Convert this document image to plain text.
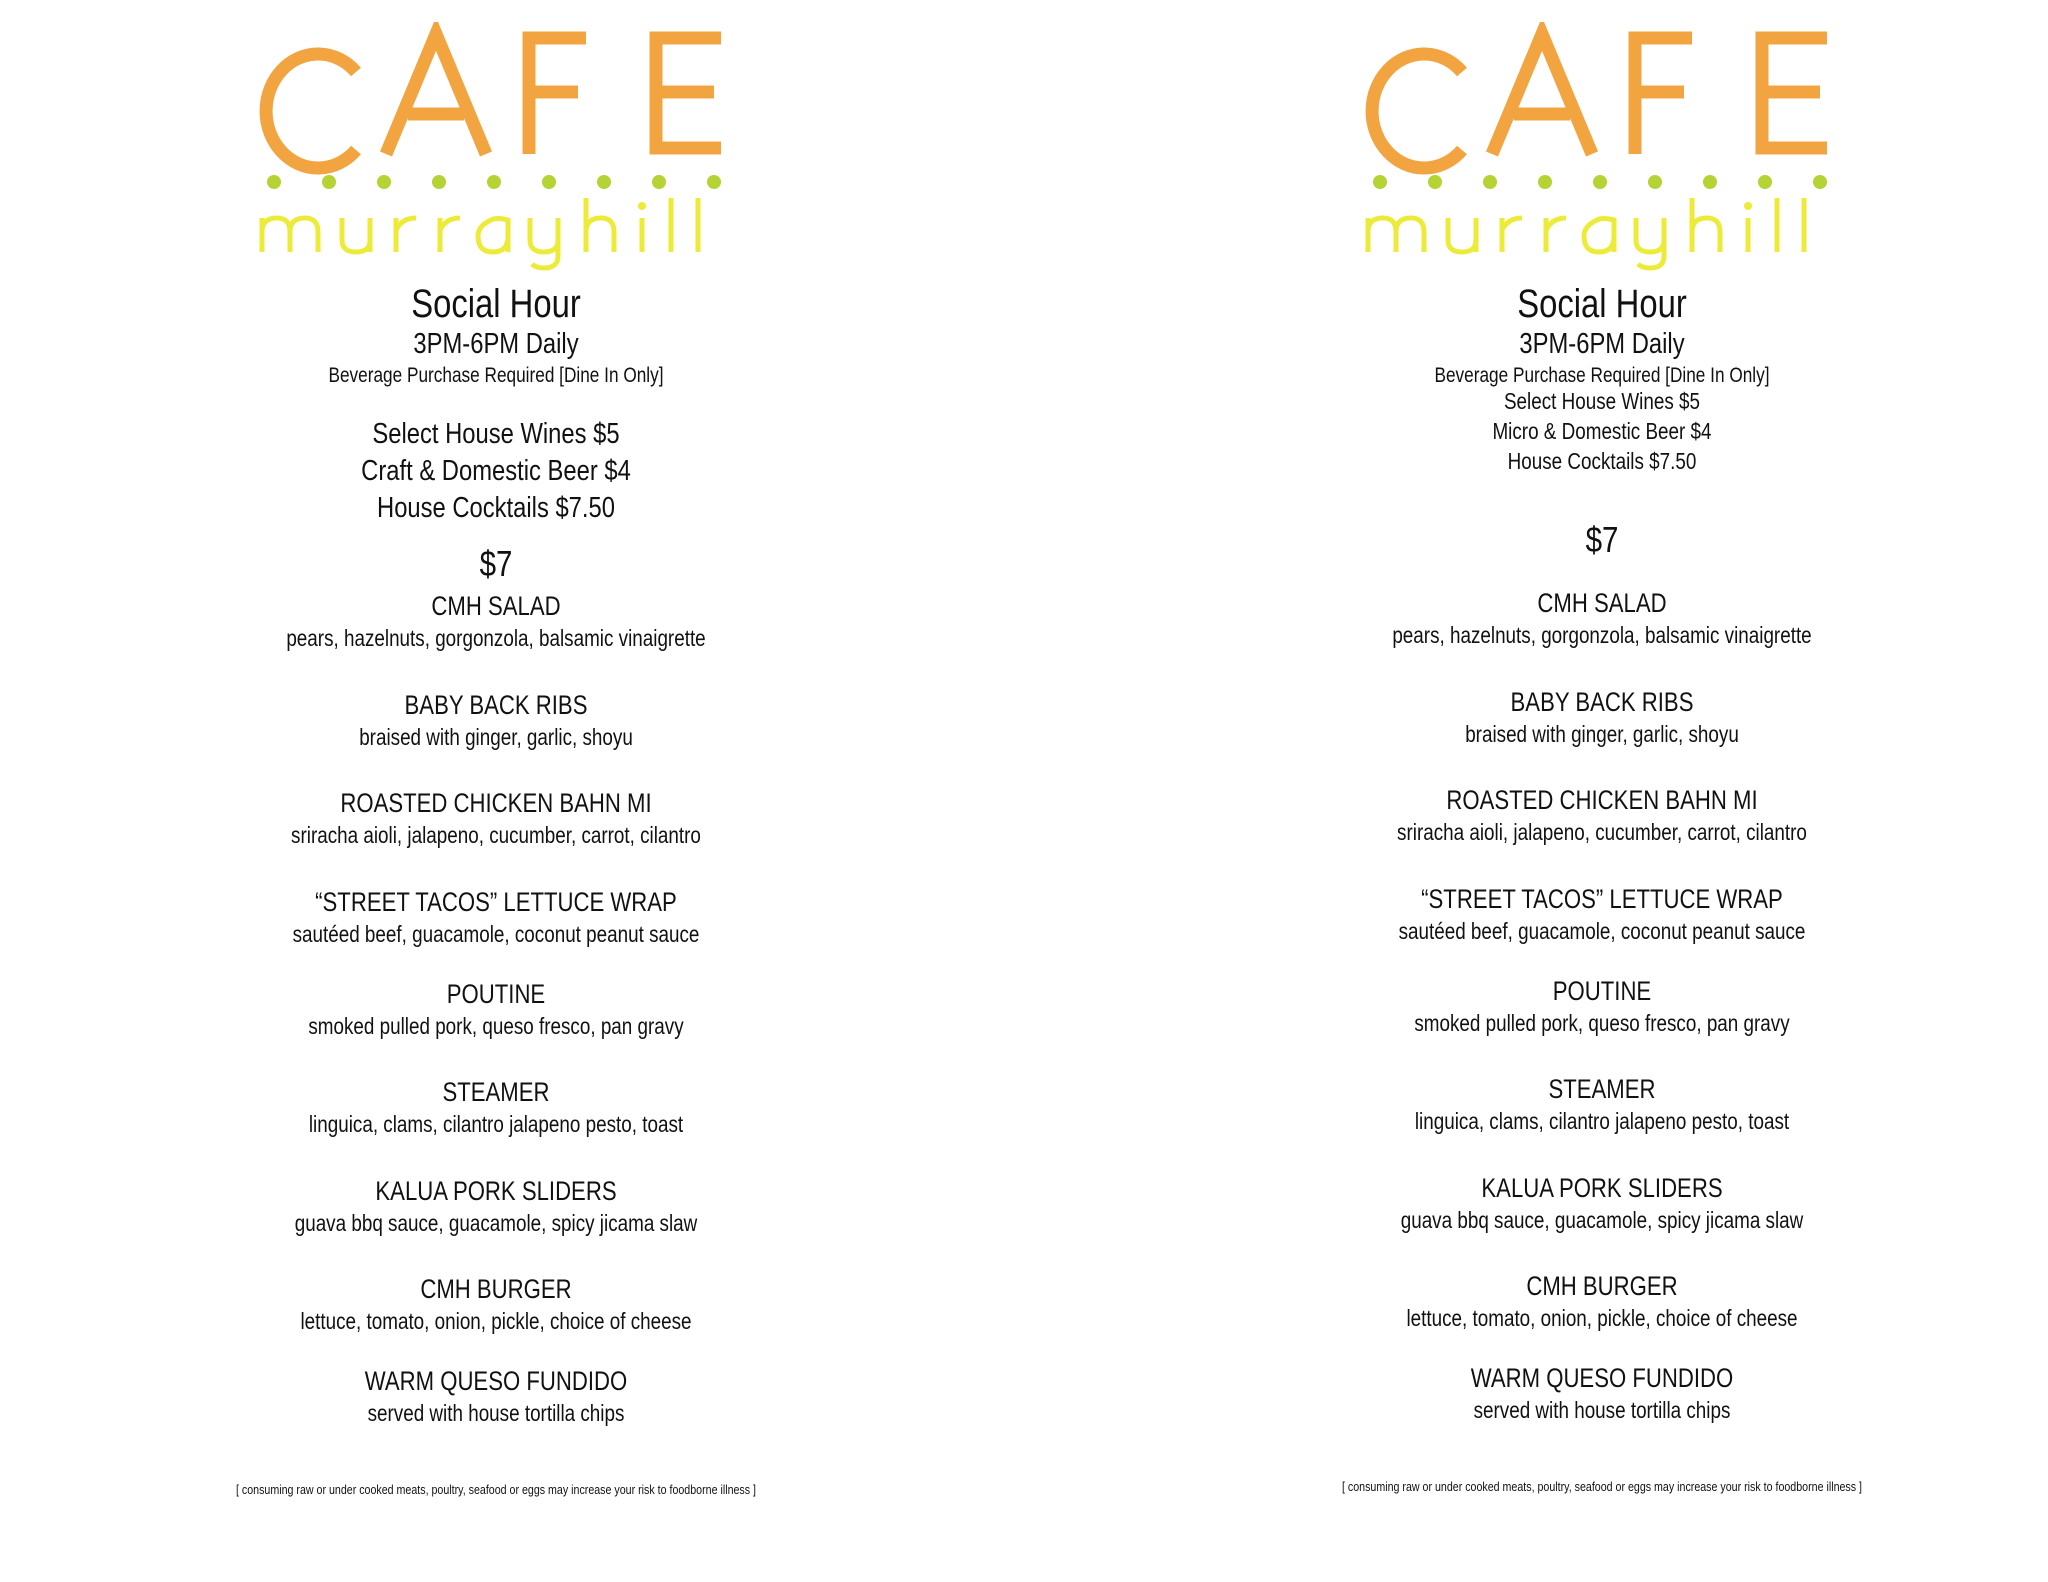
Social Hour
3PM-6PM Daily
Beverage Purchase Required [Dine In Only]
Select House Wines $5
Craft & Domestic Beer $4
House Cocktails $7.50
$7
CMH SALAD
pears, hazelnuts, gorgonzola, balsamic vinaigrette
BABY BACK RIBS
braised with ginger, garlic, shoyu
ROASTED CHICKEN BAHN MI
sriracha aioli, jalapeno, cucumber, carrot, cilantro
“STREET TACOS” LETTUCE WRAP
sautéed beef, guacamole, coconut peanut sauce
POUTINE
smoked pulled pork, queso fresco, pan gravy
STEAMER
linguica, clams, cilantro jalapeno pesto, toast
KALUA PORK SLIDERS
guava bbq sauce, guacamole, spicy jicama slaw
CMH BURGER
lettuce, tomato, onion, pickle, choice of cheese
WARM QUESO FUNDIDO
served with house tortilla chips
[ consuming raw or under cooked meats, poultry, seafood or eggs may increase your risk to foodborne illness ]
Social Hour
3PM-6PM Daily
Beverage Purchase Required [Dine In Only]
Select House Wines $5
Micro & Domestic Beer $4
House Cocktails $7.50
$7
CMH SALAD
pears, hazelnuts, gorgonzola, balsamic vinaigrette
BABY BACK RIBS
braised with ginger, garlic, shoyu
ROASTED CHICKEN BAHN MI
sriracha aioli, jalapeno, cucumber, carrot, cilantro
“STREET TACOS” LETTUCE WRAP
sautéed beef, guacamole, coconut peanut sauce
POUTINE
smoked pulled pork, queso fresco, pan gravy
STEAMER
linguica, clams, cilantro jalapeno pesto, toast
KALUA PORK SLIDERS
guava bbq sauce, guacamole, spicy jicama slaw
CMH BURGER
lettuce, tomato, onion, pickle, choice of cheese
WARM QUESO FUNDIDO
served with house tortilla chips
[ consuming raw or under cooked meats, poultry, seafood or eggs may increase your risk to foodborne illness ]
